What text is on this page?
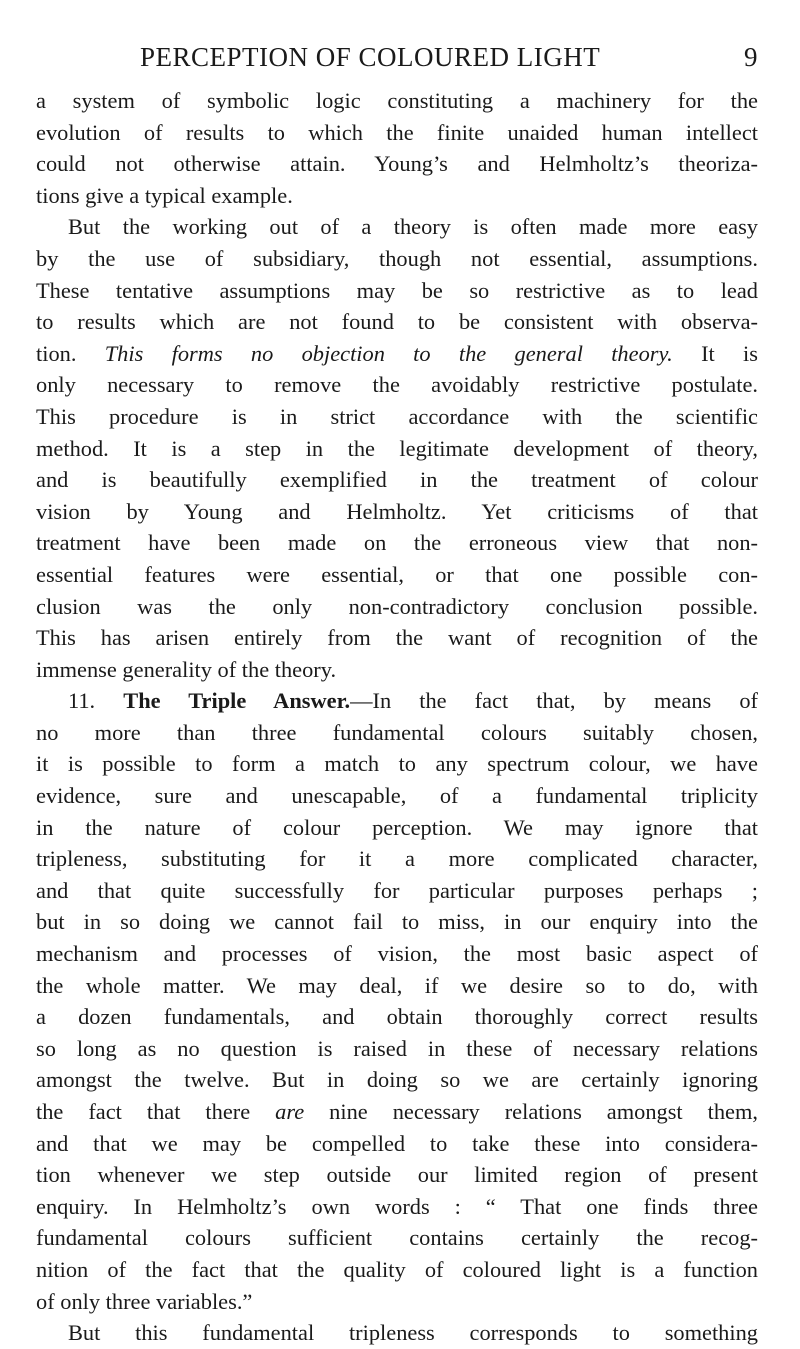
PERCEPTION OF COLOURED LIGHT	9
a system of symbolic logic constituting a machinery for the
evolution of results to which the finite unaided human intellect
could not otherwise attain. Young’s and Helmholtz’s theoriza-
tions give a typical example.
But the working out of a theory is often made more easy
by the use of subsidiary, though not essential, assumptions.
These tentative assumptions may be so restrictive as to lead
to results which are not found to be consistent with observa-
tion. This forms no objection to the general theory. It is
only necessary to remove the avoidably restrictive postulate.
This procedure is in strict accordance with the scientific
method. It is a step in the legitimate development of theory,
and is beautifully exemplified in the treatment of colour
vision by Young and Helmholtz. Yet criticisms of that
treatment have been made on the erroneous view that non-
essential features were essential, or that one possible con-
clusion was the only non-contradictory conclusion possible.
This has arisen entirely from the want of recognition of the
immense generality of the theory.
11. The Triple Answer.—In the fact that, by means of
no more than three fundamental colours suitably chosen,
it is possible to form a match to any spectrum colour, we have
evidence, sure and unescapable, of a fundamental triplicity
in the nature of colour perception. We may ignore that
tripleness, substituting for it a more complicated character,
and that quite successfully for particular purposes perhaps ;
but in so doing we cannot fail to miss, in our enquiry into the
mechanism and processes of vision, the most basic aspect of
the whole matter. We may deal, if we desire so to do, with
a dozen fundamentals, and obtain thoroughly correct results
so long as no question is raised in these of necessary relations
amongst the twelve. But in doing so we are certainly ignoring
the fact that there are nine necessary relations amongst them,
and that we may be compelled to take these into considera-
tion whenever we step outside our limited region of present
enquiry. In Helmholtz’s own words : “ That one finds three
fundamental colours sufficient contains certainly the recog-
nition of the fact that the quality of coloured light is a function
of only three variables.”
But this fundamental tripleness corresponds to something
